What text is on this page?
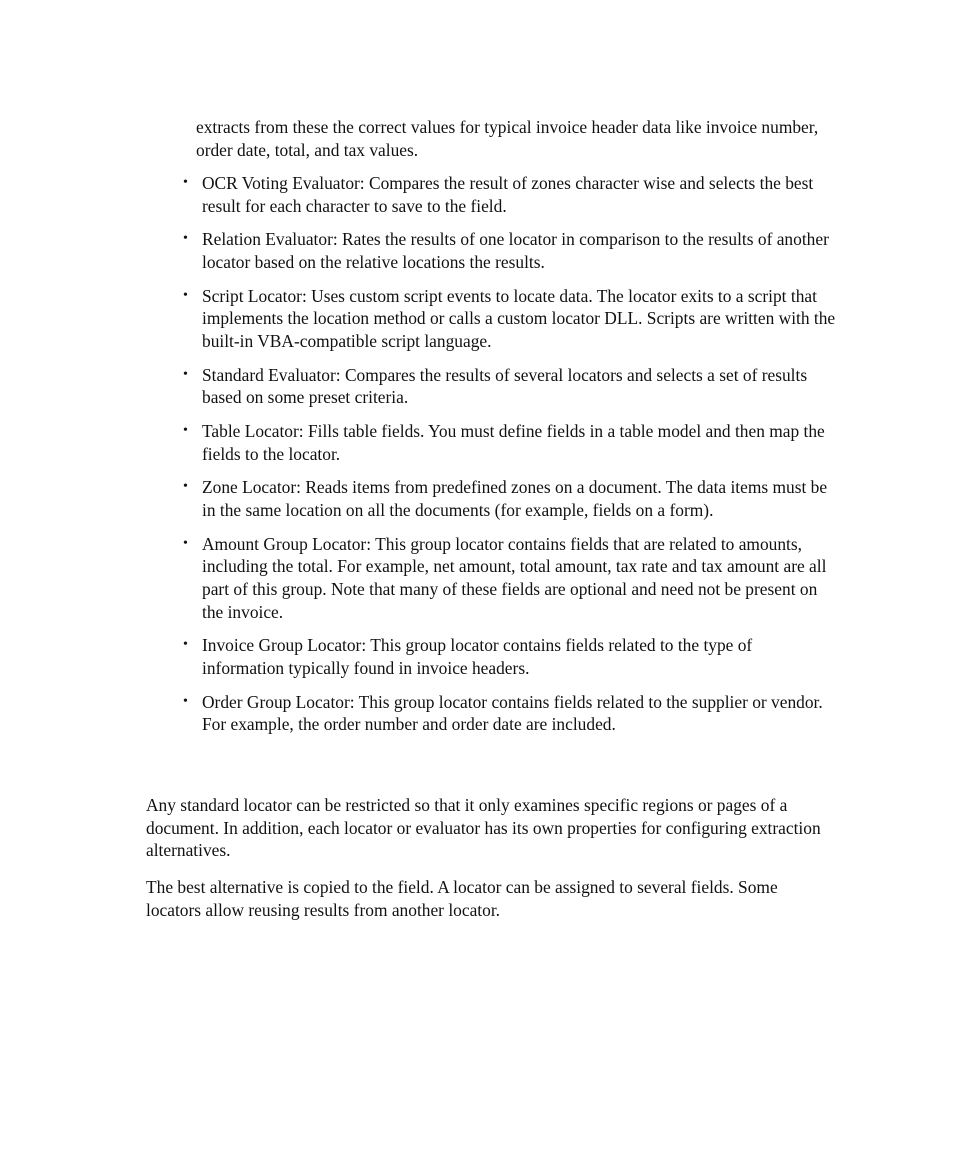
extracts from these the correct values for typical invoice header data like invoice number, order date, total, and tax values.

• OCR Voting Evaluator: Compares the result of zones character wise and selects the best result for each character to save to the field.
• Relation Evaluator: Rates the results of one locator in comparison to the results of another locator based on the relative locations the results.
• Script Locator: Uses custom script events to locate data. The locator exits to a script that implements the location method or calls a custom locator DLL. Scripts are written with the built-in VBA-compatible script language.
• Standard Evaluator: Compares the results of several locators and selects a set of results based on some preset criteria.
• Table Locator: Fills table fields. You must define fields in a table model and then map the fields to the locator.
• Zone Locator: Reads items from predefined zones on a document. The data items must be in the same location on all the documents (for example, fields on a form).
• Amount Group Locator: This group locator contains fields that are related to amounts, including the total. For example, net amount, total amount, tax rate and tax amount are all part of this group. Note that many of these fields are optional and need not be present on the invoice.
• Invoice Group Locator: This group locator contains fields related to the type of information typically found in invoice headers.
• Order Group Locator: This group locator contains fields related to the supplier or vendor. For example, the order number and order date are included.

Any standard locator can be restricted so that it only examines specific regions or pages of a document. In addition, each locator or evaluator has its own properties for configuring extraction alternatives.

The best alternative is copied to the field. A locator can be assigned to several fields. Some locators allow reusing results from another locator.
